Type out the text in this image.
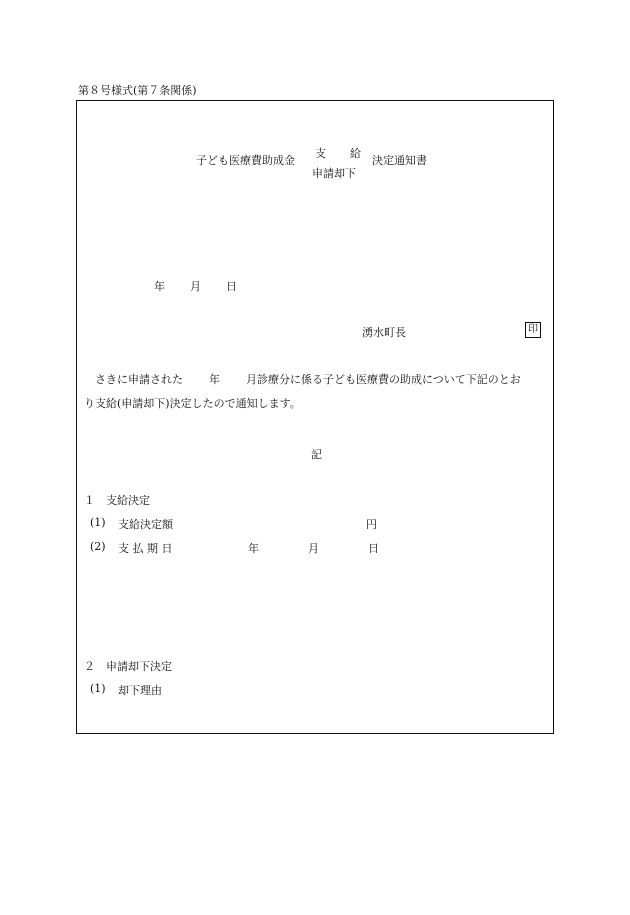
第８号様式(第７条関係)
子ども医療費助成金
支 給
申請却下
決定通知書
年 月 日
湧水町長	印
さきに申請された 年 月診療分に係る子ども医療費の助成について下記のとお
り支給(申請却下)決定したので通知します。
記
１　支給決定
(1) 支給決定額	円
(2) 支 払 期 日	年	月	日
２　申請却下決定
(1) 却下理由
